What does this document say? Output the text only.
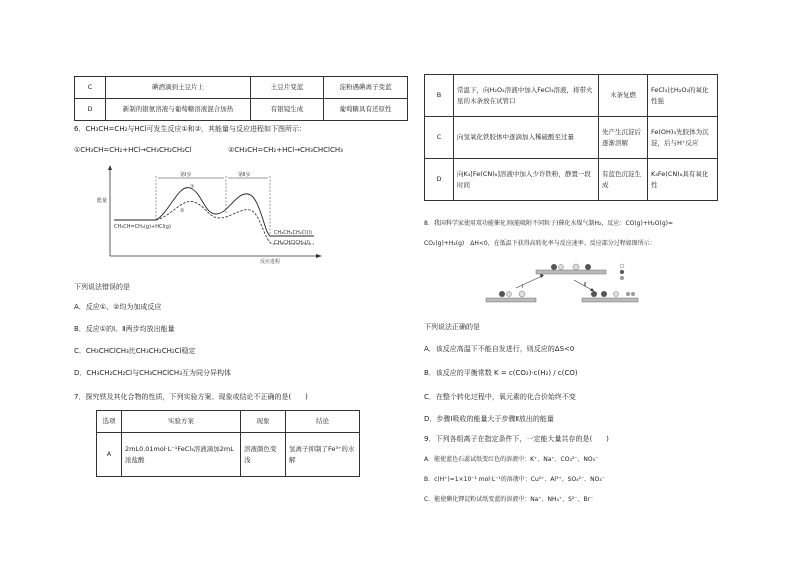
C	碘酒滴到土豆片上	土豆片变蓝	淀粉遇碘离子变蓝
D	新制的银氨溶液与葡萄糖溶液混合加热	有银镜生成	葡萄糖具有还原性
6．CH₃CH=CH₂与HCl可发生反应①和②，其能量与反应进程如下图所示：
①CH₃CH=CH₂+HCl→CH₃CH₂CH₂Cl	②CH₃CH=CH₂+HCl→CH₃CHClCH₃
能量
反应进程
第Ⅰ步	第Ⅱ步
①
②
CH₃CH=CH₂(g)+HCl(g)
CH₃CH₂CH₂Cl(l)
CH₃CHClCH₃(l)
下列说法错误的是
A．反应①、②均为加成反应
B．反应①的Ⅰ、Ⅱ两步均放出能量
C．CH₃CHClCH₃比CH₃CH₂CH₂Cl稳定
D．CH₃CH₂CH₂Cl与CH₃CHClCH₃互为同分异构体
7．探究铁及其化合物的性质，下列实验方案、现象或结论不正确的是(　　)
选项	实验方案	现象	结论
A	2mL0.01mol·L⁻¹FeCl₃溶液滴加2mL浓盐酸	溶液颜色变浅	氢离子抑制了Fe³⁺的水解
B	常温下，向H₂O₂溶液中加入FeCl₃溶液，将带火星的木条放在试管口	木条复燃	FeCl₃比H₂O₂的氧化性强
C	向氢氧化铁胶体中逐滴加入稀硫酸至过量	先产生沉淀后逐渐溶解	Fe(OH)₃先胶体为沉淀，后与H⁺反应
D	向K₃[Fe(CN)₆]溶液中加入少许铁粉，静置一段时间	有蓝色沉淀生成	K₃Fe(CN)₆具有氧化性
8．我国科学家使用双功能催化剂(能吸附不同粒子)催化水煤气制H₂，反应：CO(g)+H₂O(g)=
CO₂(g)+H₂(g)　ΔH<0，在低温下获得高转化率与反应速率。反应部分过程如图所示：
Ⅰ	Ⅱ
下列说法正确的是
A．该反应高温下不能自发进行，则反应的ΔS<0
B．该反应的平衡常数 K = c(CO₂)·c(H₂) / c(CO)
C．在整个转化过程中，氧元素的化合价始终不变
D．步骤Ⅰ吸收的能量大于步骤Ⅱ放出的能量
9．下列各组离子在指定条件下，一定能大量共存的是(　　)
A．能使蓝色石蕊试纸变红色的溶液中：K⁺、Na⁺、CO₃²⁻、NO₃⁻
B．c(H⁺)=1×10⁻¹ mol·L⁻¹的溶液中：Cu²⁺、Al³⁺、SO₄²⁻、NO₃⁻
C．能使碘化钾淀粉试纸变蓝的溶液中：Na⁺、NH₄⁺、S²⁻、Br⁻
